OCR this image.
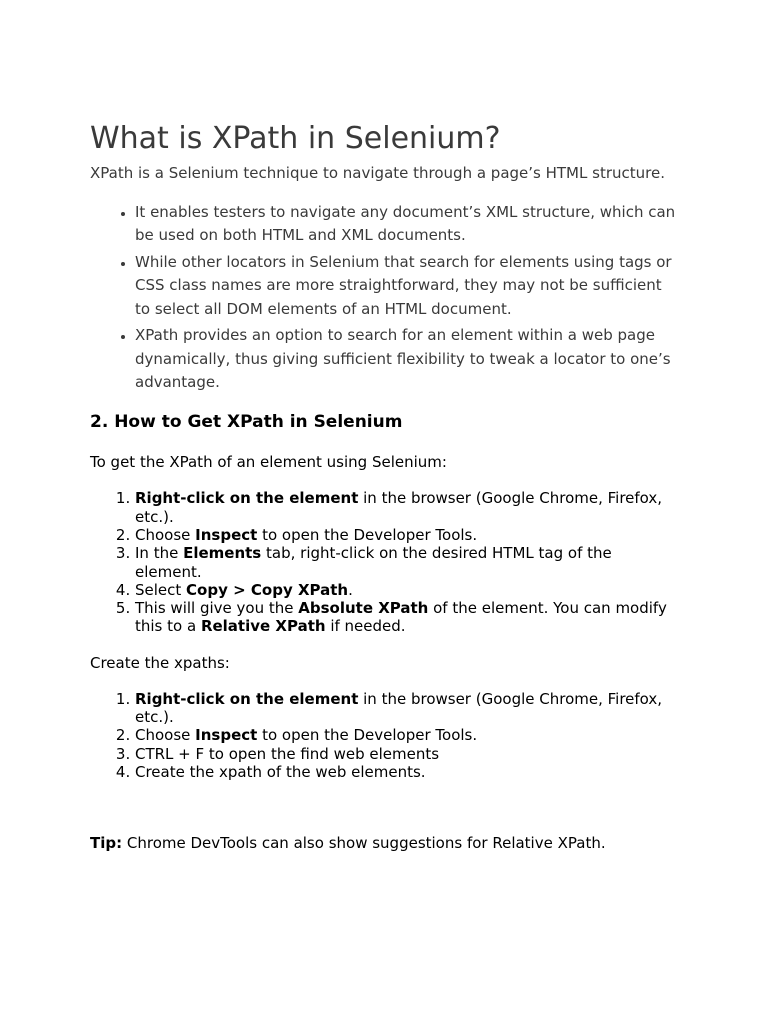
What is XPath in Selenium?

XPath is a Selenium technique to navigate through a page’s HTML structure.

• It enables testers to navigate any document’s XML structure, which can be used on both HTML and XML documents.
• While other locators in Selenium that search for elements using tags or CSS class names are more straightforward, they may not be sufficient to select all DOM elements of an HTML document.
• XPath provides an option to search for an element within a web page dynamically, thus giving sufficient flexibility to tweak a locator to one’s advantage.
2. How to Get XPath in Selenium

To get the XPath of an element using Selenium:

1. Right-click on the element in the browser (Google Chrome, Firefox, etc.).
2. Choose Inspect to open the Developer Tools.
3. In the Elements tab, right-click on the desired HTML tag of the element.
4. Select Copy > Copy XPath.
5. This will give you the Absolute XPath of the element. You can modify this to a Relative XPath if needed.

Create the xpaths:

1. Right-click on the element in the browser (Google Chrome, Firefox, etc.).
2. Choose Inspect to open the Developer Tools.
3. CTRL + F to open the find web elements
4. Create the xpath of the web elements.

Tip: Chrome DevTools can also show suggestions for Relative XPath.
